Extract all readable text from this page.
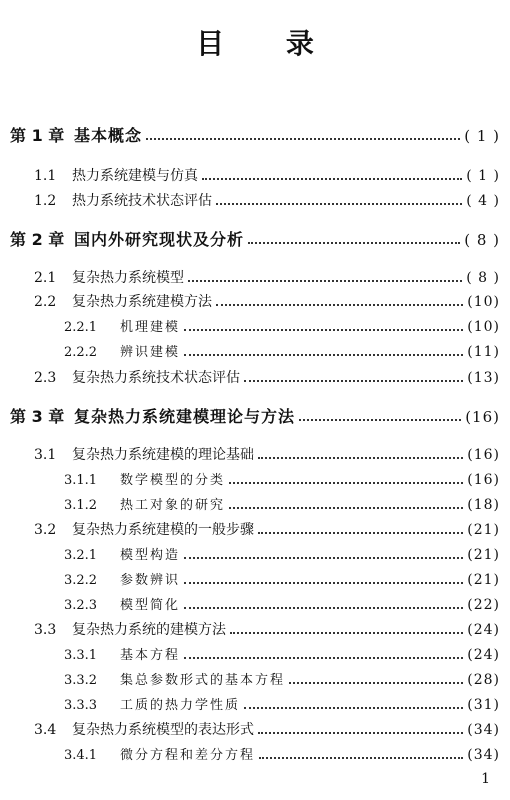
目 录
第 1 章 基本概念	( 1 )
1.1	热力系统建模与仿真	( 1 )
1.2	热力系统技术状态评估	( 4 )
第 2 章 国内外研究现状及分析	( 8 )
2.1	复杂热力系统模型	( 8 )
2.2	复杂热力系统建模方法	(10)
2.2.1	机理建模	(10)
2.2.2	辨识建模	(11)
2.3	复杂热力系统技术状态评估	(13)
第 3 章 复杂热力系统建模理论与方法	(16)
3.1	复杂热力系统建模的理论基础	(16)
3.1.1	数学模型的分类	(16)
3.1.2	热工对象的研究	(18)
3.2	复杂热力系统建模的一般步骤	(21)
3.2.1	模型构造	(21)
3.2.2	参数辨识	(21)
3.2.3	模型简化	(22)
3.3	复杂热力系统的建模方法	(24)
3.3.1	基本方程	(24)
3.3.2	集总参数形式的基本方程	(28)
3.3.3	工质的热力学性质	(31)
3.4	复杂热力系统模型的表达形式	(34)
3.4.1	微分方程和差分方程	(34)
1
